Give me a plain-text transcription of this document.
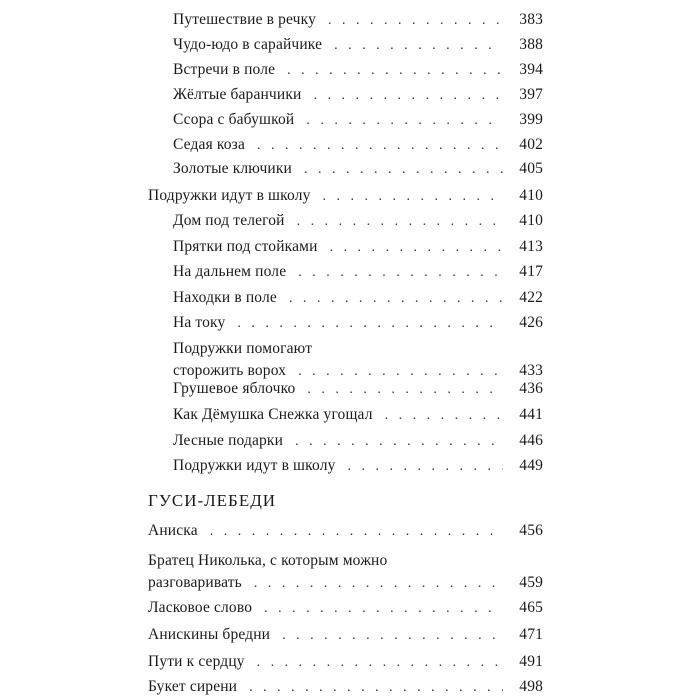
Путешествие в речку . . .	383
Чудо-юдо в сарайчике . . .	388
Встречи в поле . . .	394
Жёлтые баранчики . . .	397
Ссора с бабушкой . . .	399
Седая коза . . .	402
Золотые ключики . . .	405
Подружки идут в школу . . .	410
Дом под телегой . . .	410
Прятки под стойками . . .	413
На дальнем поле . . .	417
Находки в поле . . .	422
На току . . .	426
Подружки помогают
сторожить ворох . . .	433
Грушевое яблочко . . .	436
Как Дёмушка Снежка угощал . . .	441
Лесные подарки . . .	446
Подружки идут в школу . . .	449
ГУСИ-ЛЕБЕДИ
Аниска . . .	456
Братец Николька, с которым можно
разговаривать . . .	459
Ласковое слово . . .	465
Анискины бредни . . .	471
Пути к сердцу . . .	491
Букет сирени . . .	498
